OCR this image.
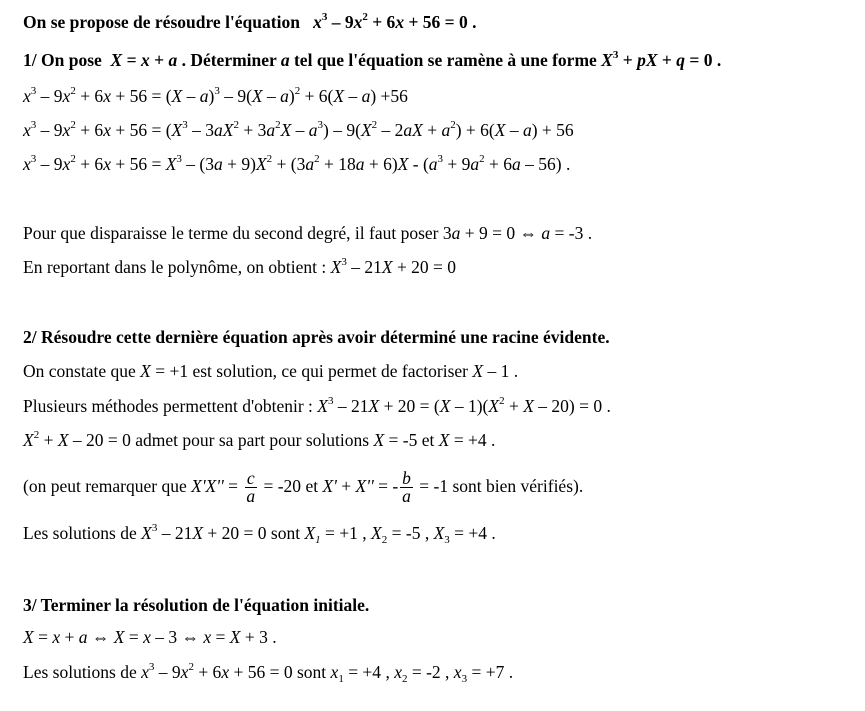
On se propose de résoudre l'équation $x^3 - 9x^2 + 6x + 56 = 0$ .
1/ On pose X = x + a . Déterminer a tel que l'équation se ramène à une forme $X^3$ + pX + q = 0 .
$x^3 - 9x^2 + 6x + 56 = (X - a)^3 - 9(X - a)^2 + 6(X - a) +56$
$x^3 - 9x^2 + 6x + 56 = (X^3 - 3aX^2 + 3a^2X - a^3) - 9(X^2 - 2aX + a^2) + 6(X - a) + 56$
$x^3 - 9x^2 + 6x + 56 = X^3 - (3a + 9)X^2 + (3a^2 + 18a + 6)X - (a^3 + 9a^2 + 6a - 56)$ .
Pour que disparaisse le terme du second degré, il faut poser 3a + 9 = 0 ⇔ a = -3 .
En reportant dans le polynôme, on obtient : $X^3 - 21X + 20 = 0$
2/ Résoudre cette dernière équation après avoir déterminé une racine évidente.
On constate que X = +1 est solution, ce qui permet de factoriser X – 1 .
Plusieurs méthodes permettent d'obtenir : $X^3 - 21X + 20 = (X - 1)(X^2 + X - 20) = 0$ .
$X^2 + X - 20 = 0$ admet pour sa part pour solutions X = -5 et X = +4 .
(on peut remarquer que $X'X'' = \frac{c}{a} = -20$ et X' + X'' = - $\frac{b}{a} = -1$ sont bien vérifiés).
Les solutions de $X^3 - 21X + 20 = 0$ sont $X_1 = +1$ , $X_2 = -5$ , $X_3 = +4$ .
3/ Terminer la résolution de l'équation initiale.
X = x + a ⇔ X = x – 3 ⇔ x = X + 3 .
Les solutions de $x^3 - 9x^2 + 6x + 56 = 0$ sont $x_1 = +4$ , $x_2 = -2$ , $x_3 = +7$ .
